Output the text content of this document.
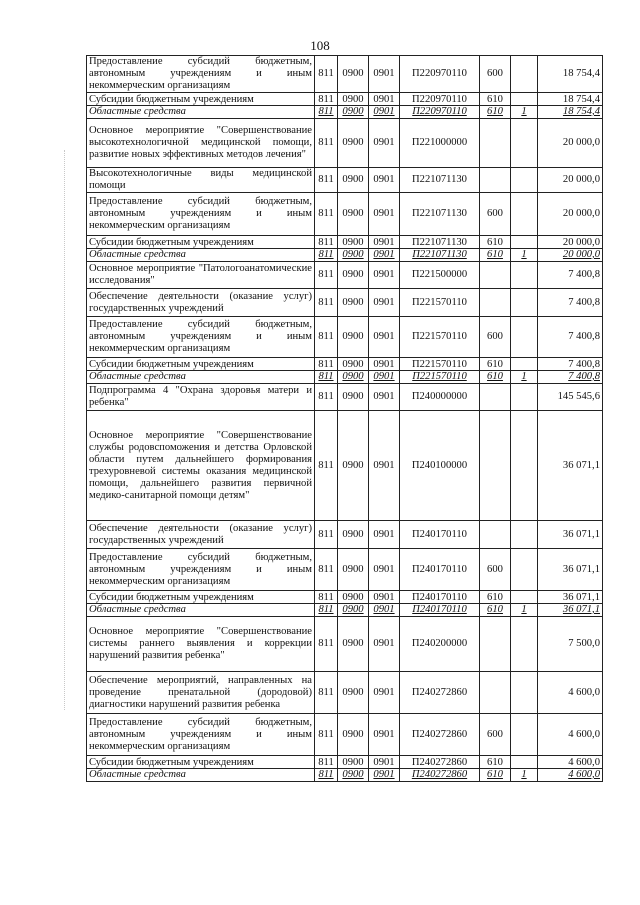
108
Предоставление субсидий бюджетным, автономным учреждениям и иным некоммерческим организациям	811	0900	0901	П220970110	600		18 754,4
Субсидии бюджетным учреждениям	811	0900	0901	П220970110	610		18 754,4
Областные средства	811	0900	0901	П220970110	610	1	18 754,4
Основное мероприятие "Совершенствование высокотехнологичной медицинской помощи, развитие новых эффективных методов лечения"	811	0900	0901	П221000000			20 000,0
Высокотехнологичные виды медицинской помощи	811	0900	0901	П221071130			20 000,0
Предоставление субсидий бюджетным, автономным учреждениям и иным некоммерческим организациям	811	0900	0901	П221071130	600		20 000,0
Субсидии бюджетным учреждениям	811	0900	0901	П221071130	610		20 000,0
Областные средства	811	0900	0901	П221071130	610	1	20 000,0
Основное мероприятие "Патологоанатомические исследования"	811	0900	0901	П221500000			7 400,8
Обеспечение деятельности (оказание услуг) государственных учреждений	811	0900	0901	П221570110			7 400,8
Предоставление субсидий бюджетным, автономным учреждениям и иным некоммерческим организациям	811	0900	0901	П221570110	600		7 400,8
Субсидии бюджетным учреждениям	811	0900	0901	П221570110	610		7 400,8
Областные средства	811	0900	0901	П221570110	610	1	7 400,8
Подпрограмма 4 "Охрана здоровья матери и ребенка"	811	0900	0901	П240000000			145 545,6
Основное мероприятие "Совершенствование службы родовспоможения и детства Орловской области путем дальнейшего формирования трехуровневой системы оказания медицинской помощи, дальнейшего развития первичной медико-санитарной помощи детям"	811	0900	0901	П240100000			36 071,1
Обеспечение деятельности (оказание услуг) государственных учреждений	811	0900	0901	П240170110			36 071,1
Предоставление субсидий бюджетным, автономным учреждениям и иным некоммерческим организациям	811	0900	0901	П240170110	600		36 071,1
Субсидии бюджетным учреждениям	811	0900	0901	П240170110	610		36 071,1
Областные средства	811	0900	0901	П240170110	610	1	36 071,1
Основное мероприятие "Совершенствование системы раннего выявления и коррекции нарушений развития ребенка"	811	0900	0901	П240200000			7 500,0
Обеспечение мероприятий, направленных на проведение пренатальной (дородовой) диагностики нарушений развития ребенка	811	0900	0901	П240272860			4 600,0
Предоставление субсидий бюджетным, автономным учреждениям и иным некоммерческим организациям	811	0900	0901	П240272860	600		4 600,0
Субсидии бюджетным учреждениям	811	0900	0901	П240272860	610		4 600,0
Областные средства	811	0900	0901	П240272860	610	1	4 600,0
